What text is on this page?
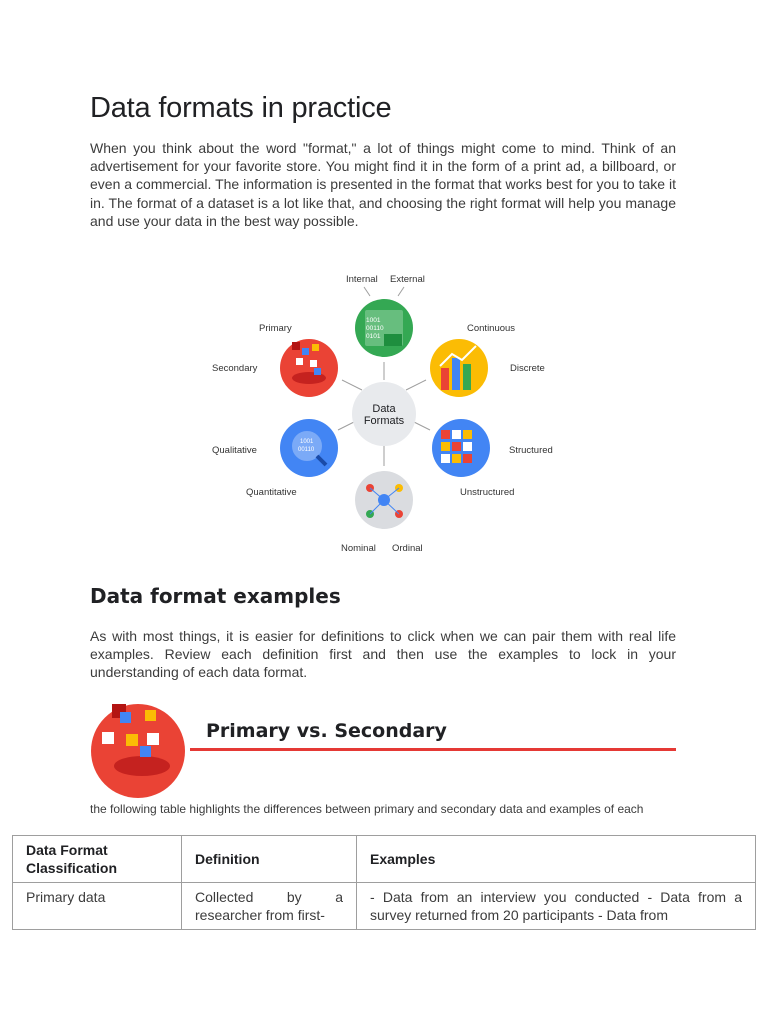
Data formats in practice

When you think about the word "format," a lot of things might come to mind. Think of an advertisement for your favorite store. You might find it in the form of a print ad, a billboard, or even a commercial. The information is presented in the format that works best for you to take it in. The format of a dataset is a lot like that, and choosing the right format will help you manage and use your data in the best way possible.

Data
Formats
1001
00110
0101
Internal External
Primary
Secondary
Continuous
Discrete
1001
00110
Qualitative
Quantitative
Structured
Unstructured
Nominal Ordinal
Data format examples

As with most things, it is easier for definitions to click when we can pair them with real life examples. Review each definition first and then use the examples to lock in your understanding of each data format.

Primary vs. Secondary

the following table highlights the differences between primary and secondary data and examples of each

Data Format Classification	Definition	Examples

Primary data	Collected by a researcher from first-	- Data from an interview you conducted - Data from a survey returned from 20 participants - Data from
